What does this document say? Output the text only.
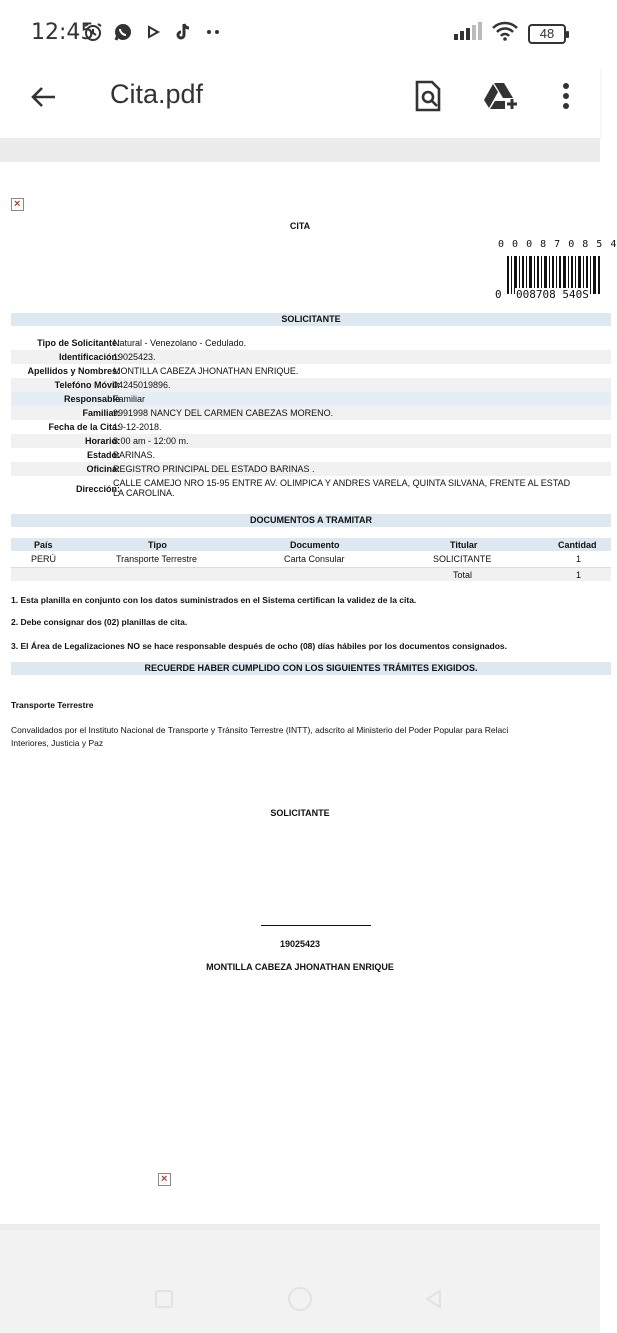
12:45	48
Cita.pdf
×
CITA
0 0 0 8 7 0 8 5 4
0 008708 540S
SOLICITANTE
Tipo de Solicitante:
Natural - Venezolano - Cedulado.
Identificación:
19025423.
Apellidos y Nombres:
MONTILLA CABEZA JHONATHAN ENRIQUE.
Telefóno Móvil:
04245019896.
Responsable
Familiar
Familiar:
9991998 NANCY DEL CARMEN CABEZAS MORENO.
Fecha de la Cita:
19-12-2018.
Horario:
8:00 am - 12:00 m.
Estado:
BARINAS.
Oficina:
REGISTRO PRINCIPAL DEL ESTADO BARINAS .
Dirección:
CALLE CAMEJO NRO 15-95 ENTRE AV. OLIMPICA Y ANDRES VARELA, QUINTA SILVANA, FRENTE AL ESTAD
LA CAROLINA.
DOCUMENTOS A TRAMITAR
País	Tipo	Documento	Titular	Cantidad
PERÚ	Transporte Terrestre	Carta Consular	SOLICITANTE	1
Total	1
1. Esta planilla en conjunto con los datos suministrados en el Sistema certifican la validez de la cita.
2. Debe consignar dos (02) planillas de cita.
3. El Área de Legalizaciones NO se hace responsable después de ocho (08) días hábiles por los documentos consignados.
RECUERDE HABER CUMPLIDO CON LOS SIGUIENTES TRÁMITES EXIGIDOS.
Transporte Terrestre
Convalidados por el Instituto Nacional de Transporte y Tránsito Terrestre (INTT), adscrito al Ministerio del Poder Popular para Relaci
Interiores, Justicia y Paz
SOLICITANTE
19025423
MONTILLA CABEZA JHONATHAN ENRIQUE
×
